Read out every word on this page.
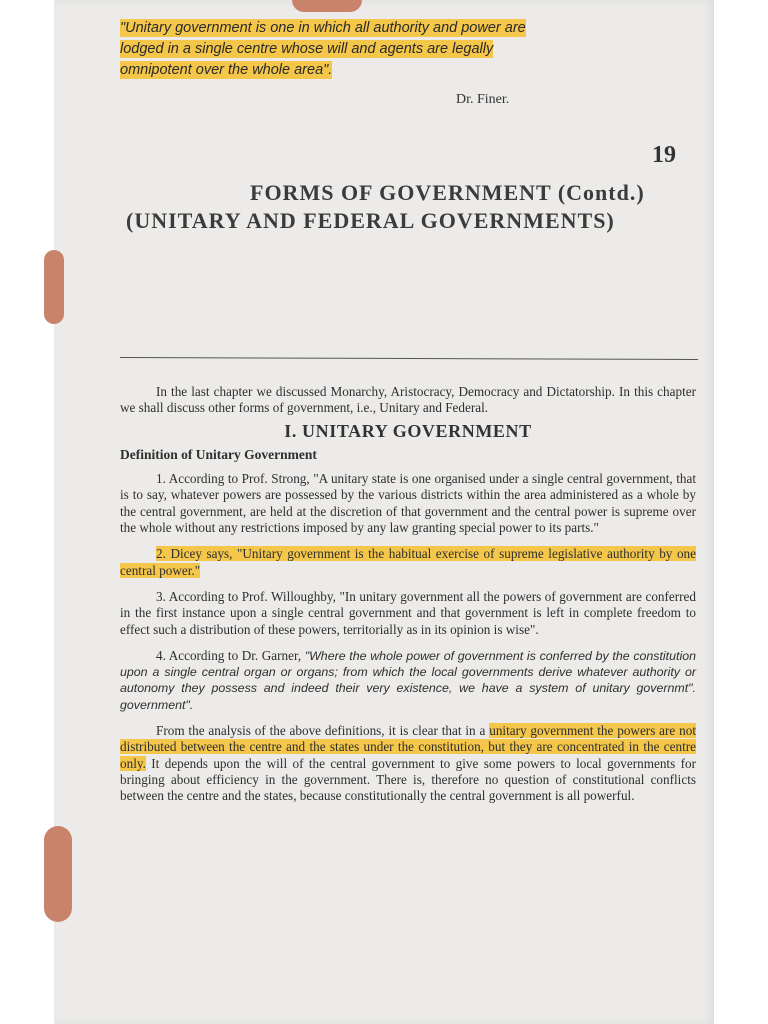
"Unitary government is one in which all authority and power are lodged in a single centre whose will and agents are legally omnipotent over the whole area".
Dr. Finer.
19
FORMS OF GOVERNMENT (Contd.)
(UNITARY AND FEDERAL GOVERNMENTS)

In the last chapter we discussed Monarchy, Aristocracy, Democracy and Dictatorship. In this chapter we shall discuss other forms of government, i.e., Unitary and Federal.

I. UNITARY GOVERNMENT
Definition of Unitary Government

1. According to Prof. Strong, "A unitary state is one organised under a single central government, that is to say, whatever powers are possessed by the various districts within the area administered as a whole by the central government, are held at the discretion of that government and the central power is supreme over the whole without any restrictions imposed by any law granting special power to its parts."

2. Dicey says, "Unitary government is the habitual exercise of supreme legislative authority by one central power."

3. According to Prof. Willoughby, "In unitary government all the powers of government are conferred in the first instance upon a single central government and that government is left in complete freedom to effect such a distribution of these powers, territorially as in its opinion is wise".

4. According to Dr. Garner, "Where the whole power of government is conferred by the constitution upon a single central organ or organs; from which the local governments derive whatever authority or autonomy they possess and indeed their very existence, we have a system of unitary governmt". government".

From the analysis of the above definitions, it is clear that in a unitary government the powers are not distributed between the centre and the states under the constitution, but they are concentrated in the centre only. It depends upon the will of the central government to give some powers to local governments for bringing about efficiency in the government. There is, therefore no question of constitutional conflicts between the centre and the states, because constitutionally the central government is all powerful.
